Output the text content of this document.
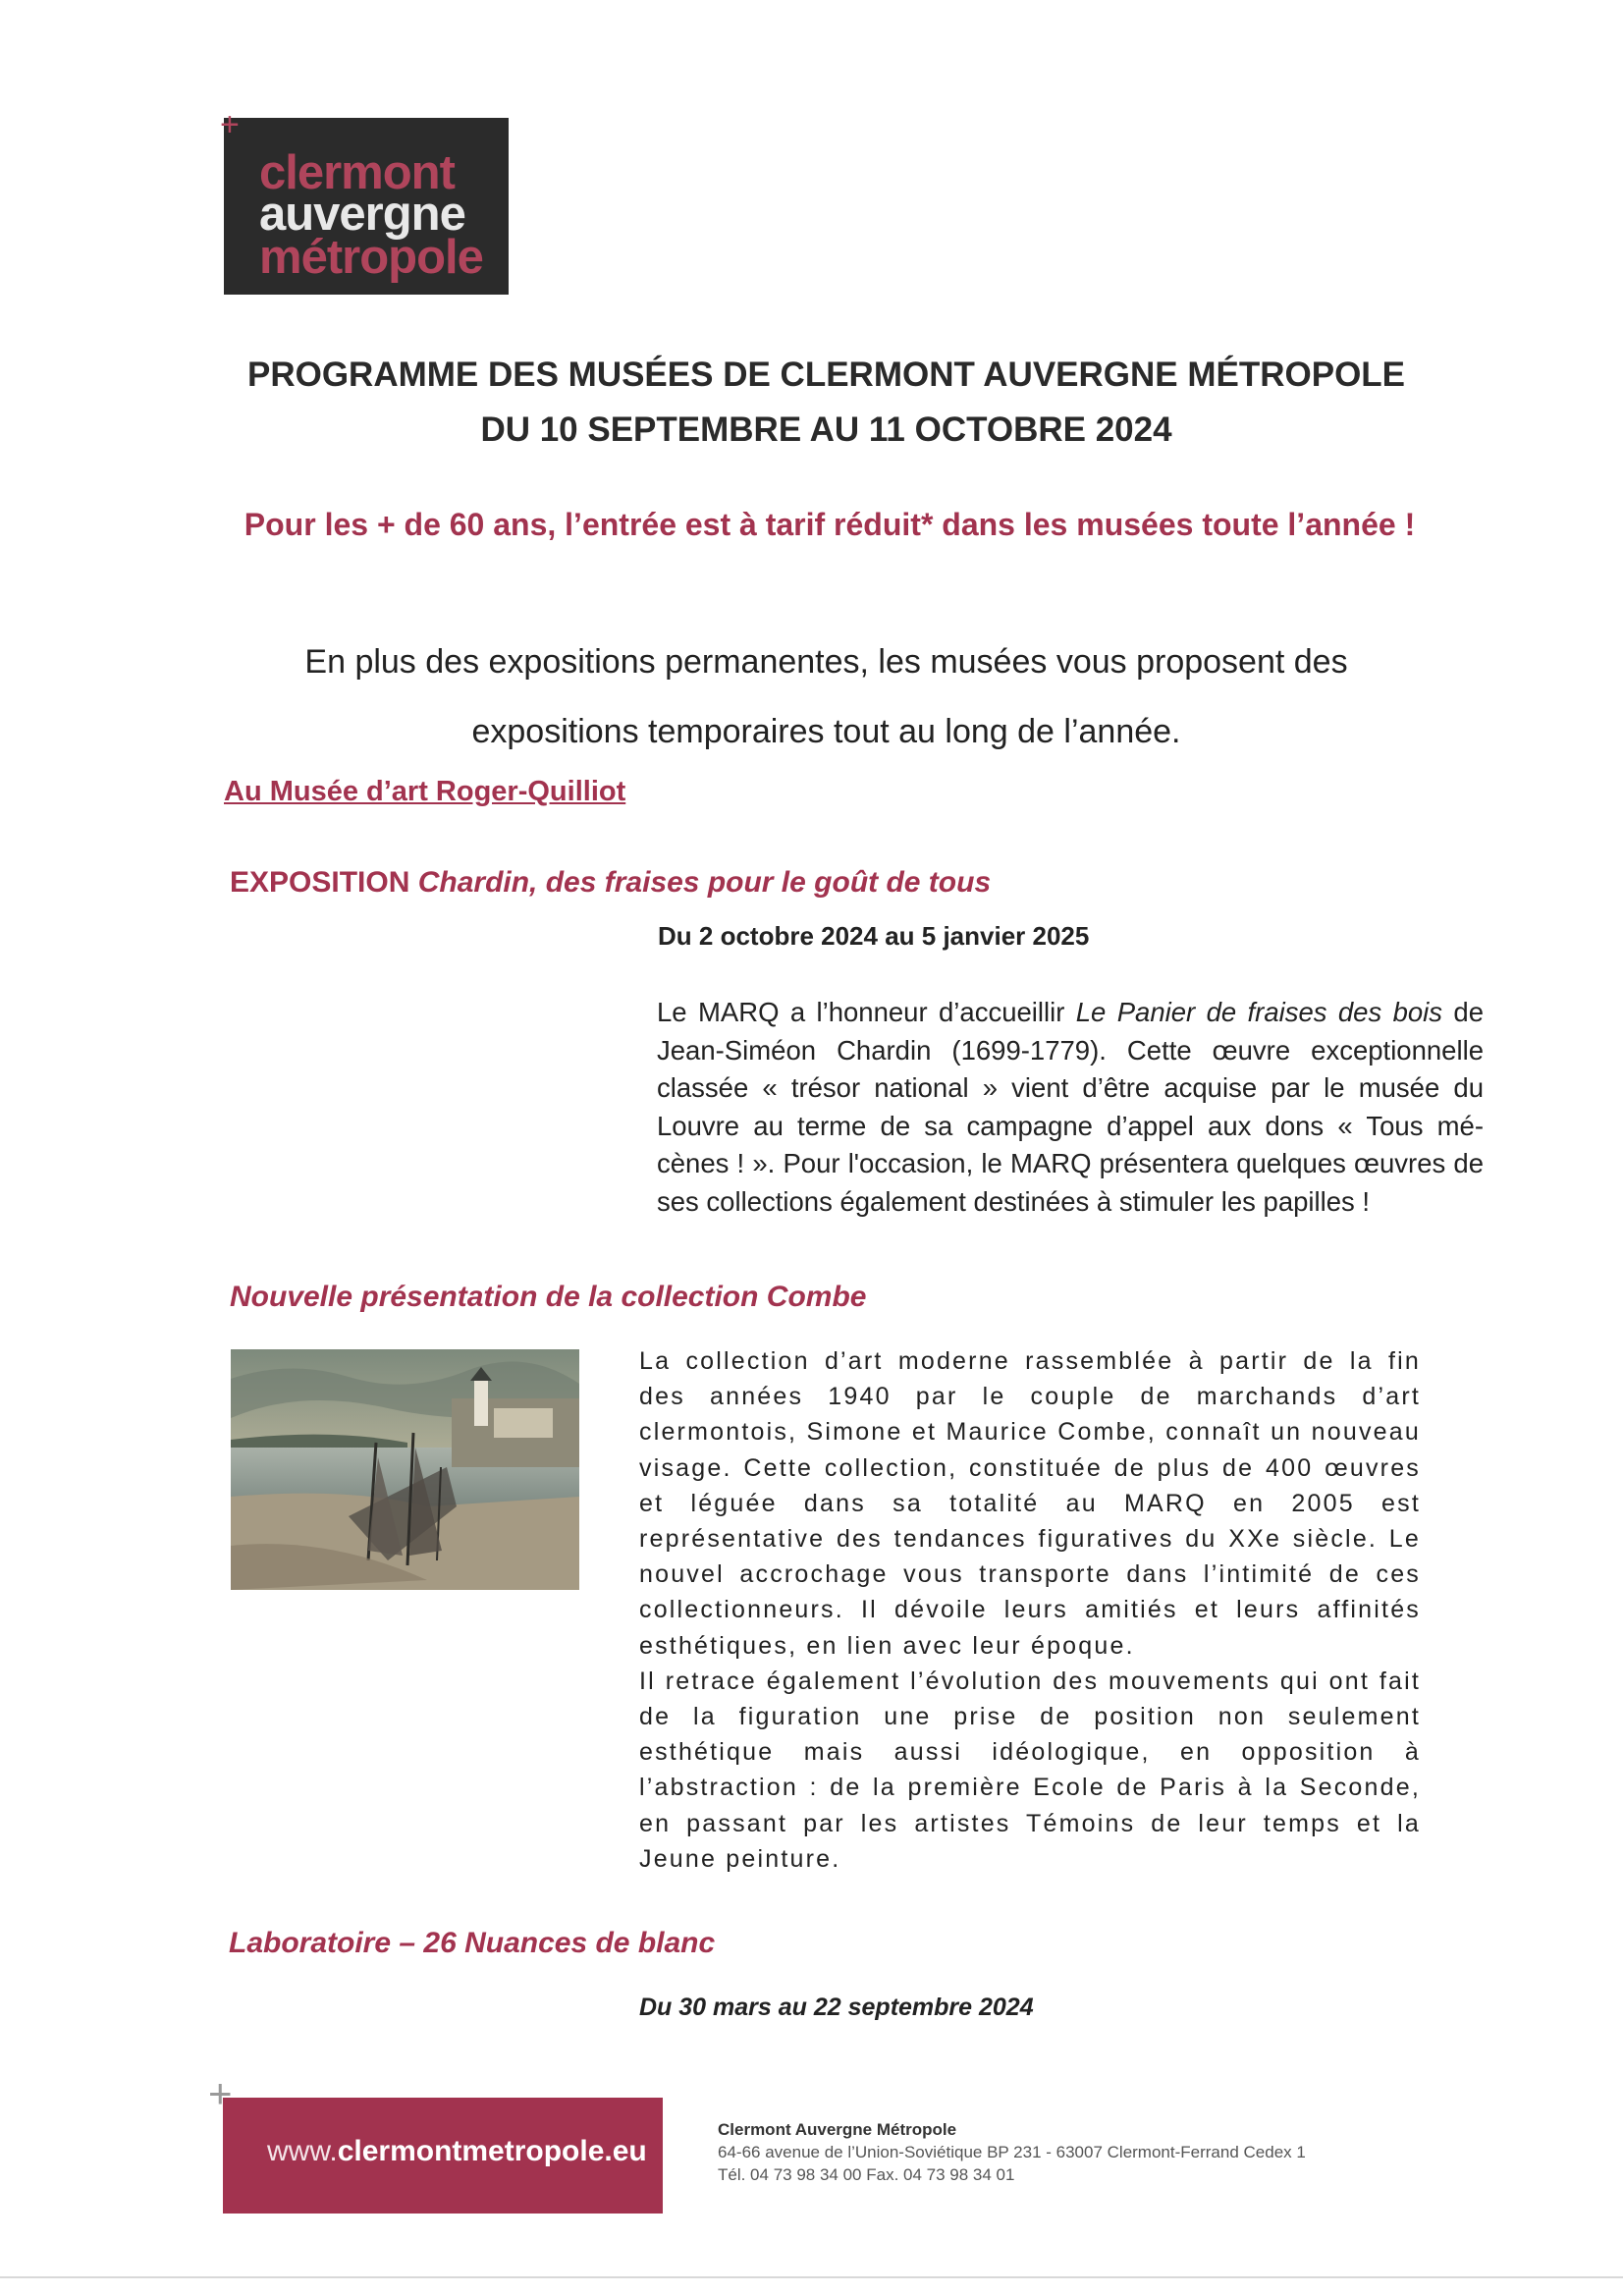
+
clermont
auvergne
métropole
PROGRAMME DES MUSÉES DE CLERMONT AUVERGNE MÉTROPOLE
DU 10 SEPTEMBRE AU 11 OCTOBRE 2024
Pour les + de 60 ans, l’entrée est à tarif réduit* dans les musées toute l’année !
En plus des expositions permanentes, les musées vous proposent des
expositions temporaires tout au long de l’année.
Au Musée d’art Roger-Quilliot
EXPOSITION Chardin, des fraises pour le goût de tous
Du 2 octobre 2024 au 5 janvier 2025
Le MARQ a l’honneur d’accueillir Le Panier de fraises des bois de Jean-Siméon Chardin (1699-1779). Cette œuvre exceptionnelle classée « trésor national » vient d’être acquise par le musée du Louvre au terme de sa campagne d’appel aux dons « Tous mé-cènes ! ». Pour l'occasion, le MARQ présentera quelques œuvres de ses collections également destinées à stimuler les papilles !
Nouvelle présentation de la collection Combe

La collection d’art moderne rassemblée à partir de la fin des années 1940 par le couple de marchands d’art clermontois, Simone et Maurice Combe, connaît un nouveau visage. Cette collection, constituée de plus de 400 œuvres et léguée dans sa totalité au MARQ en 2005 est représentative des tendances figuratives du XXe siècle. Le nouvel accrochage vous transporte dans l’intimité de ces collectionneurs. Il dévoile leurs amitiés et leurs affinités esthétiques, en lien avec leur époque.

Il retrace également l’évolution des mouvements qui ont fait de la figuration une prise de position non seulement esthétique mais aussi idéologique, en opposition à l’abstraction : de la première Ecole de Paris à la Seconde, en passant par les artistes Témoins de leur temps et la Jeune peinture.

Laboratoire – 26 Nuances de blanc
Du 30 mars au 22 septembre 2024
www.clermontmetropole.eu
+
Clermont Auvergne Métropole
64-66 avenue de l’Union-Soviétique BP 231 - 63007 Clermont-Ferrand Cedex 1
Tél. 04 73 98 34 00 Fax. 04 73 98 34 01
